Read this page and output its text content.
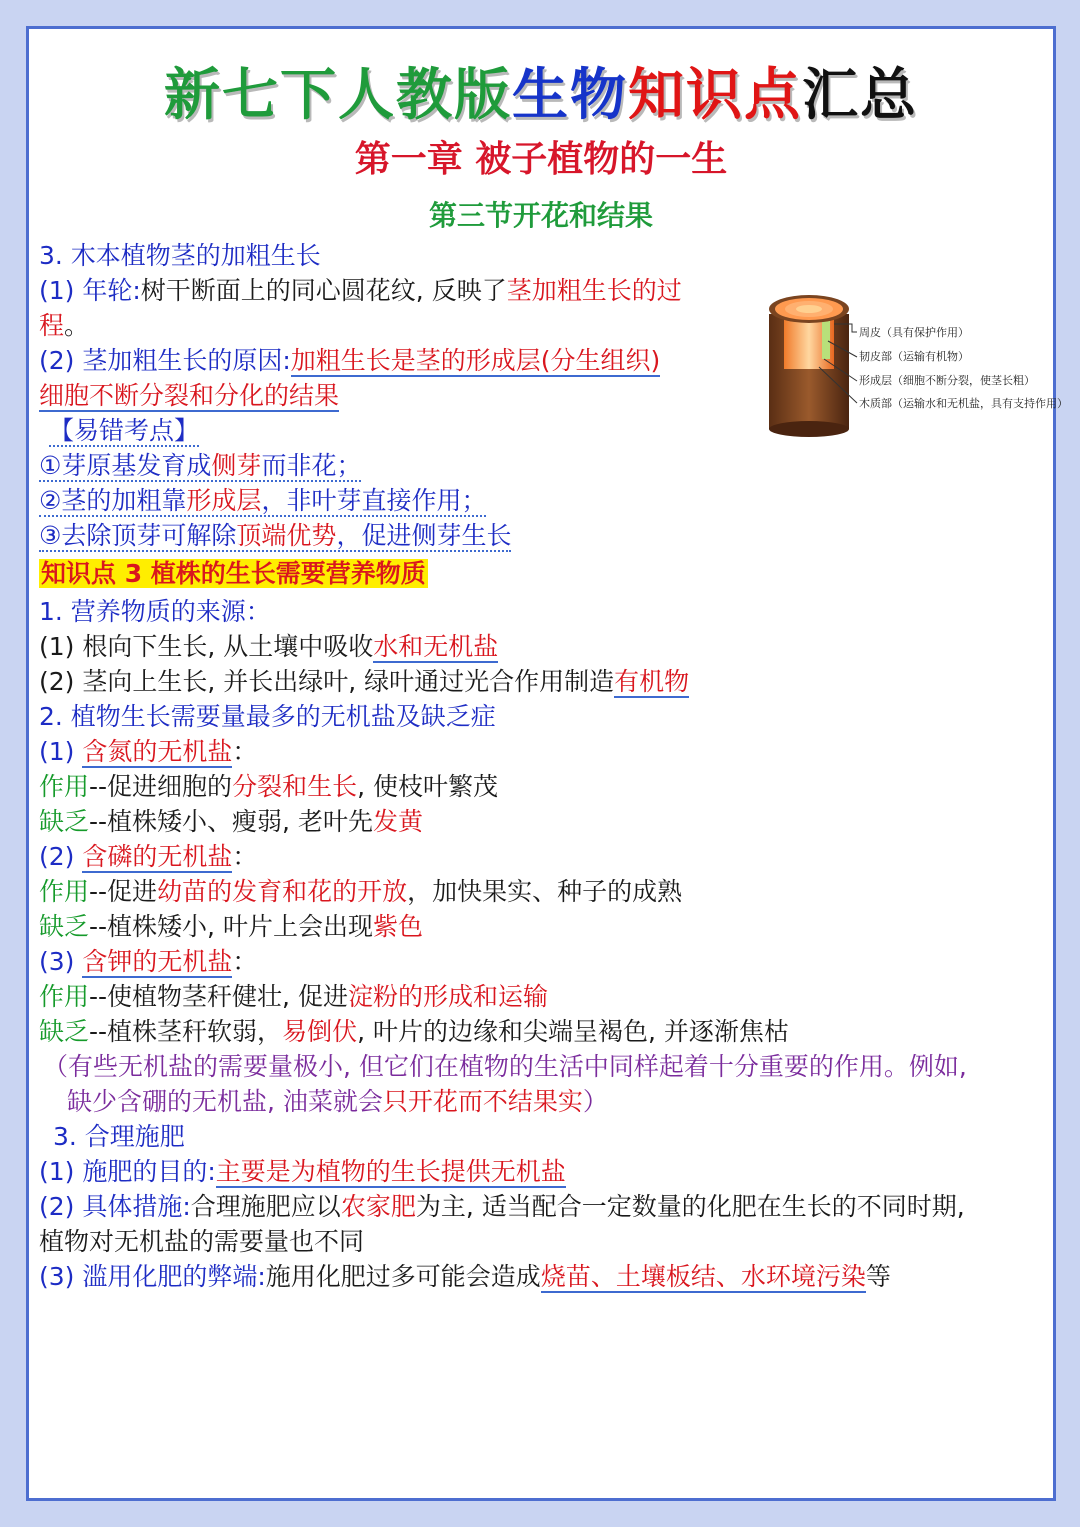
新七下人教版生物知识点汇总
第一章 被子植物的一生
第三节开花和结果
周皮（具有保护作用）
韧皮部（运输有机物）
形成层（细胞不断分裂，使茎长粗）
木质部（运输水和无机盐，具有支持作用）
3. 木本植物茎的加粗生长
(1) 年轮:树干断面上的同心圆花纹, 反映了茎加粗生长的过
程。
(2) 茎加粗生长的原因:加粗生长是茎的形成层(分生组织)
细胞不断分裂和分化的结果
【易错考点】
①芽原基发育成侧芽而非花；
②茎的加粗靠形成层，非叶芽直接作用；
③去除顶芽可解除顶端优势，促进侧芽生长
知识点 3 植株的生长需要营养物质
1. 营养物质的来源：
(1) 根向下生长, 从土壤中吸收水和无机盐
(2) 茎向上生长, 并长出绿叶, 绿叶通过光合作用制造有机物
2. 植物生长需要量最多的无机盐及缺乏症
(1) 含氮的无机盐：
作用--促进细胞的分裂和生长, 使枝叶繁茂
缺乏--植株矮小、瘦弱, 老叶先发黄
(2) 含磷的无机盐：
作用--促进幼苗的发育和花的开放，加快果实、种子的成熟
缺乏--植株矮小, 叶片上会出现紫色
(3) 含钾的无机盐：
作用--使植物茎秆健壮, 促进淀粉的形成和运输
缺乏--植株茎秆软弱，易倒伏, 叶片的边缘和尖端呈褐色, 并逐渐焦枯
（有些无机盐的需要量极小, 但它们在植物的生活中同样起着十分重要的作用。例如,
缺少含硼的无机盐, 油菜就会只开花而不结果实）
3. 合理施肥
(1) 施肥的目的:主要是为植物的生长提供无机盐
(2) 具体措施:合理施肥应以农家肥为主, 适当配合一定数量的化肥在生长的不同时期,
植物对无机盐的需要量也不同
(3) 滥用化肥的弊端:施用化肥过多可能会造成烧苗、土壤板结、水环境污染等
